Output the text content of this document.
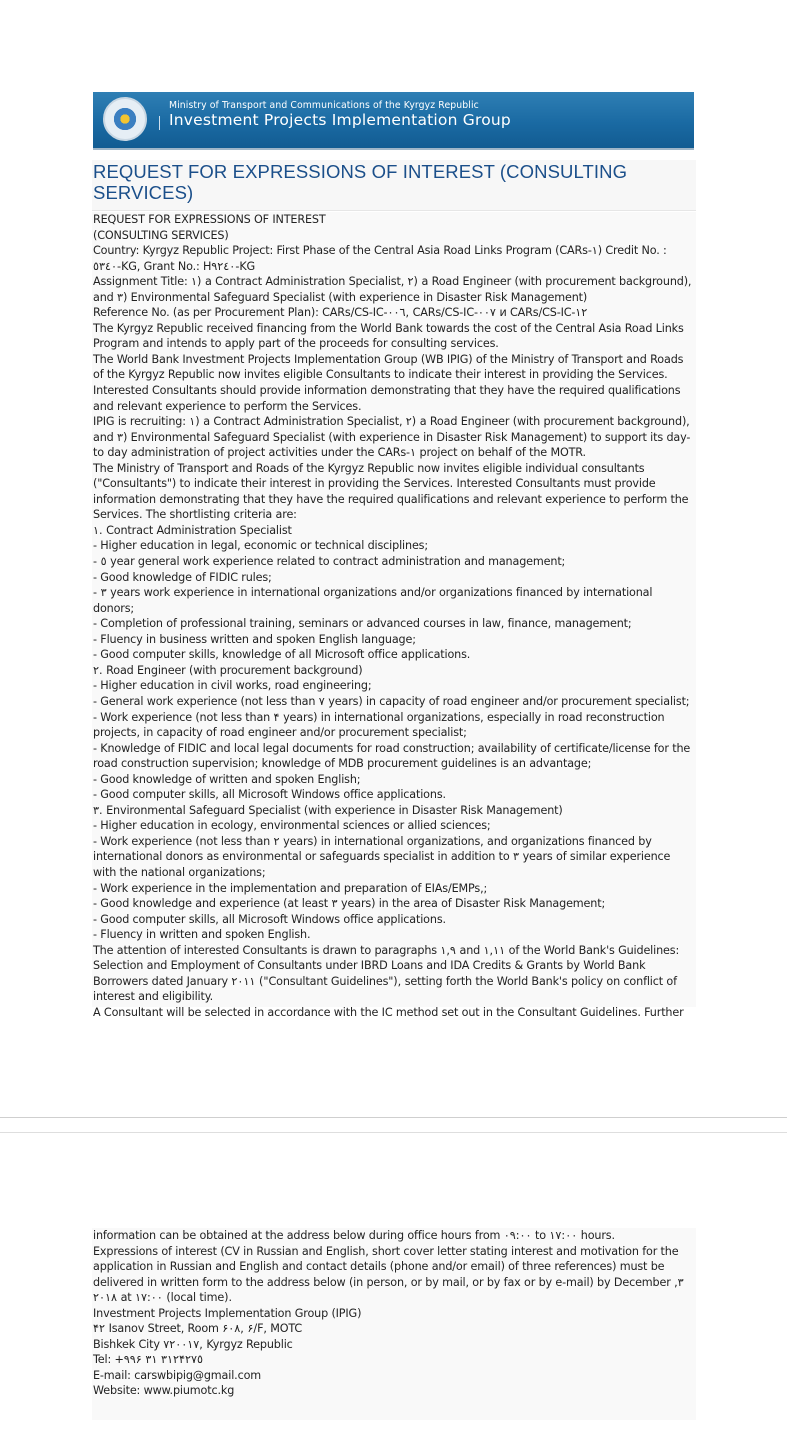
Ministry of Transport and Communications of the Kyrgyz Republic
Investment Projects Implementation Group
REQUEST FOR EXPRESSIONS OF INTEREST (CONSULTING SERVICES)

REQUEST FOR EXPRESSIONS OF INTEREST

(CONSULTING SERVICES)

Country: Kyrgyz Republic Project: First Phase of the Central Asia Road Links Program (CARs-١) Credit No. : ٥٣٤٠-KG, Grant No.: H٩٢٤٠-KG

Assignment Title: ١) a Contract Administration Specialist, ٢) a Road Engineer (with procurement background), and ٣) Environmental Safeguard Specialist (with experience in Disaster Risk Management)

Reference No. (as per Procurement Plan): CARs/CS-IC-٠٠٦, CARs/CS-IC-٠٠٧ и CARs/CS-IC-١٢

The Kyrgyz Republic received financing from the World Bank towards the cost of the Central Asia Road Links Program and intends to apply part of the proceeds for consulting services.

The World Bank Investment Projects Implementation Group (WB IPIG) of the Ministry of Transport and Roads of the Kyrgyz Republic now invites eligible Consultants to indicate their interest in providing the Services. Interested Consultants should provide information demonstrating that they have the required qualifications and relevant experience to perform the Services.

IPIG is recruiting: ١) a Contract Administration Specialist, ٢) a Road Engineer (with procurement background), and ٣) Environmental Safeguard Specialist (with experience in Disaster Risk Management) to support its day-to day administration of project activities under the CARs-١ project on behalf of the MOTR.

The Ministry of Transport and Roads of the Kyrgyz Republic now invites eligible individual consultants ("Consultants") to indicate their interest in providing the Services. Interested Consultants must provide information demonstrating that they have the required qualifications and relevant experience to perform the Services. The shortlisting criteria are:

١. Contract Administration Specialist

- Higher education in legal, economic or technical disciplines;

- ٥ year general work experience related to contract administration and management;

- Good knowledge of FIDIC rules;

- ٣ years work experience in international organizations and/or organizations financed by international donors;

- Completion of professional training, seminars or advanced courses in law, finance, management;

- Fluency in business written and spoken English language;

- Good computer skills, knowledge of all Microsoft office applications.

٢. Road Engineer (with procurement background)

- Higher education in civil works, road engineering;

- General work experience (not less than ٧ years) in capacity of road engineer and/or procurement specialist;

- Work experience (not less than ۴ years) in international organizations, especially in road reconstruction projects, in capacity of road engineer and/or procurement specialist;

- Knowledge of FIDIC and local legal documents for road construction; availability of certificate/license for the road construction supervision; knowledge of MDB procurement guidelines is an advantage;

- Good knowledge of written and spoken English;

- Good computer skills, all Microsoft Windows office applications.

٣. Environmental Safeguard Specialist (with experience in Disaster Risk Management)

- Higher education in ecology, environmental sciences or allied sciences;

- Work experience (not less than ٢ years) in international organizations, and organizations financed by international donors as environmental or safeguards specialist in addition to ٣ years of similar experience with the national organizations;

- Work experience in the implementation and preparation of EIAs/EMPs,;

- Good knowledge and experience (at least ٣ years) in the area of Disaster Risk Management;

- Good computer skills, all Microsoft Windows office applications.

- Fluency in written and spoken English.

The attention of interested Consultants is drawn to paragraphs ١,٩ and ١,١١ of the World Bank's Guidelines: Selection and Employment of Consultants under IBRD Loans and IDA Credits & Grants by World Bank Borrowers dated January ٢٠١١ ("Consultant Guidelines"), setting forth the World Bank's policy on conflict of interest and eligibility.

A Consultant will be selected in accordance with the IC method set out in the Consultant Guidelines. Further

information can be obtained at the address below during office hours from ٠٩:٠٠ to ١٧:٠٠ hours.

Expressions of interest (CV in Russian and English, short cover letter stating interest and motivation for the application in Russian and English and contact details (phone and/or email) of three references) must be delivered in written form to the address below (in person, or by mail, or by fax or by e-mail) by December ٣, ٢٠١٨ at ١٧:٠٠ (local time).

Investment Projects Implementation Group (IPIG)

۴٢ Isanov Street, Room ۶٠٨, ۶/F, MOTC

Bishkek City ٧٢٠٠١٧, Kyrgyz Republic

Tel: +٩٩۶ ٣١٢ ٣١۴٢٧٥

E-mail: carswbipig@gmail.com

Website: www.piumotc.kg
